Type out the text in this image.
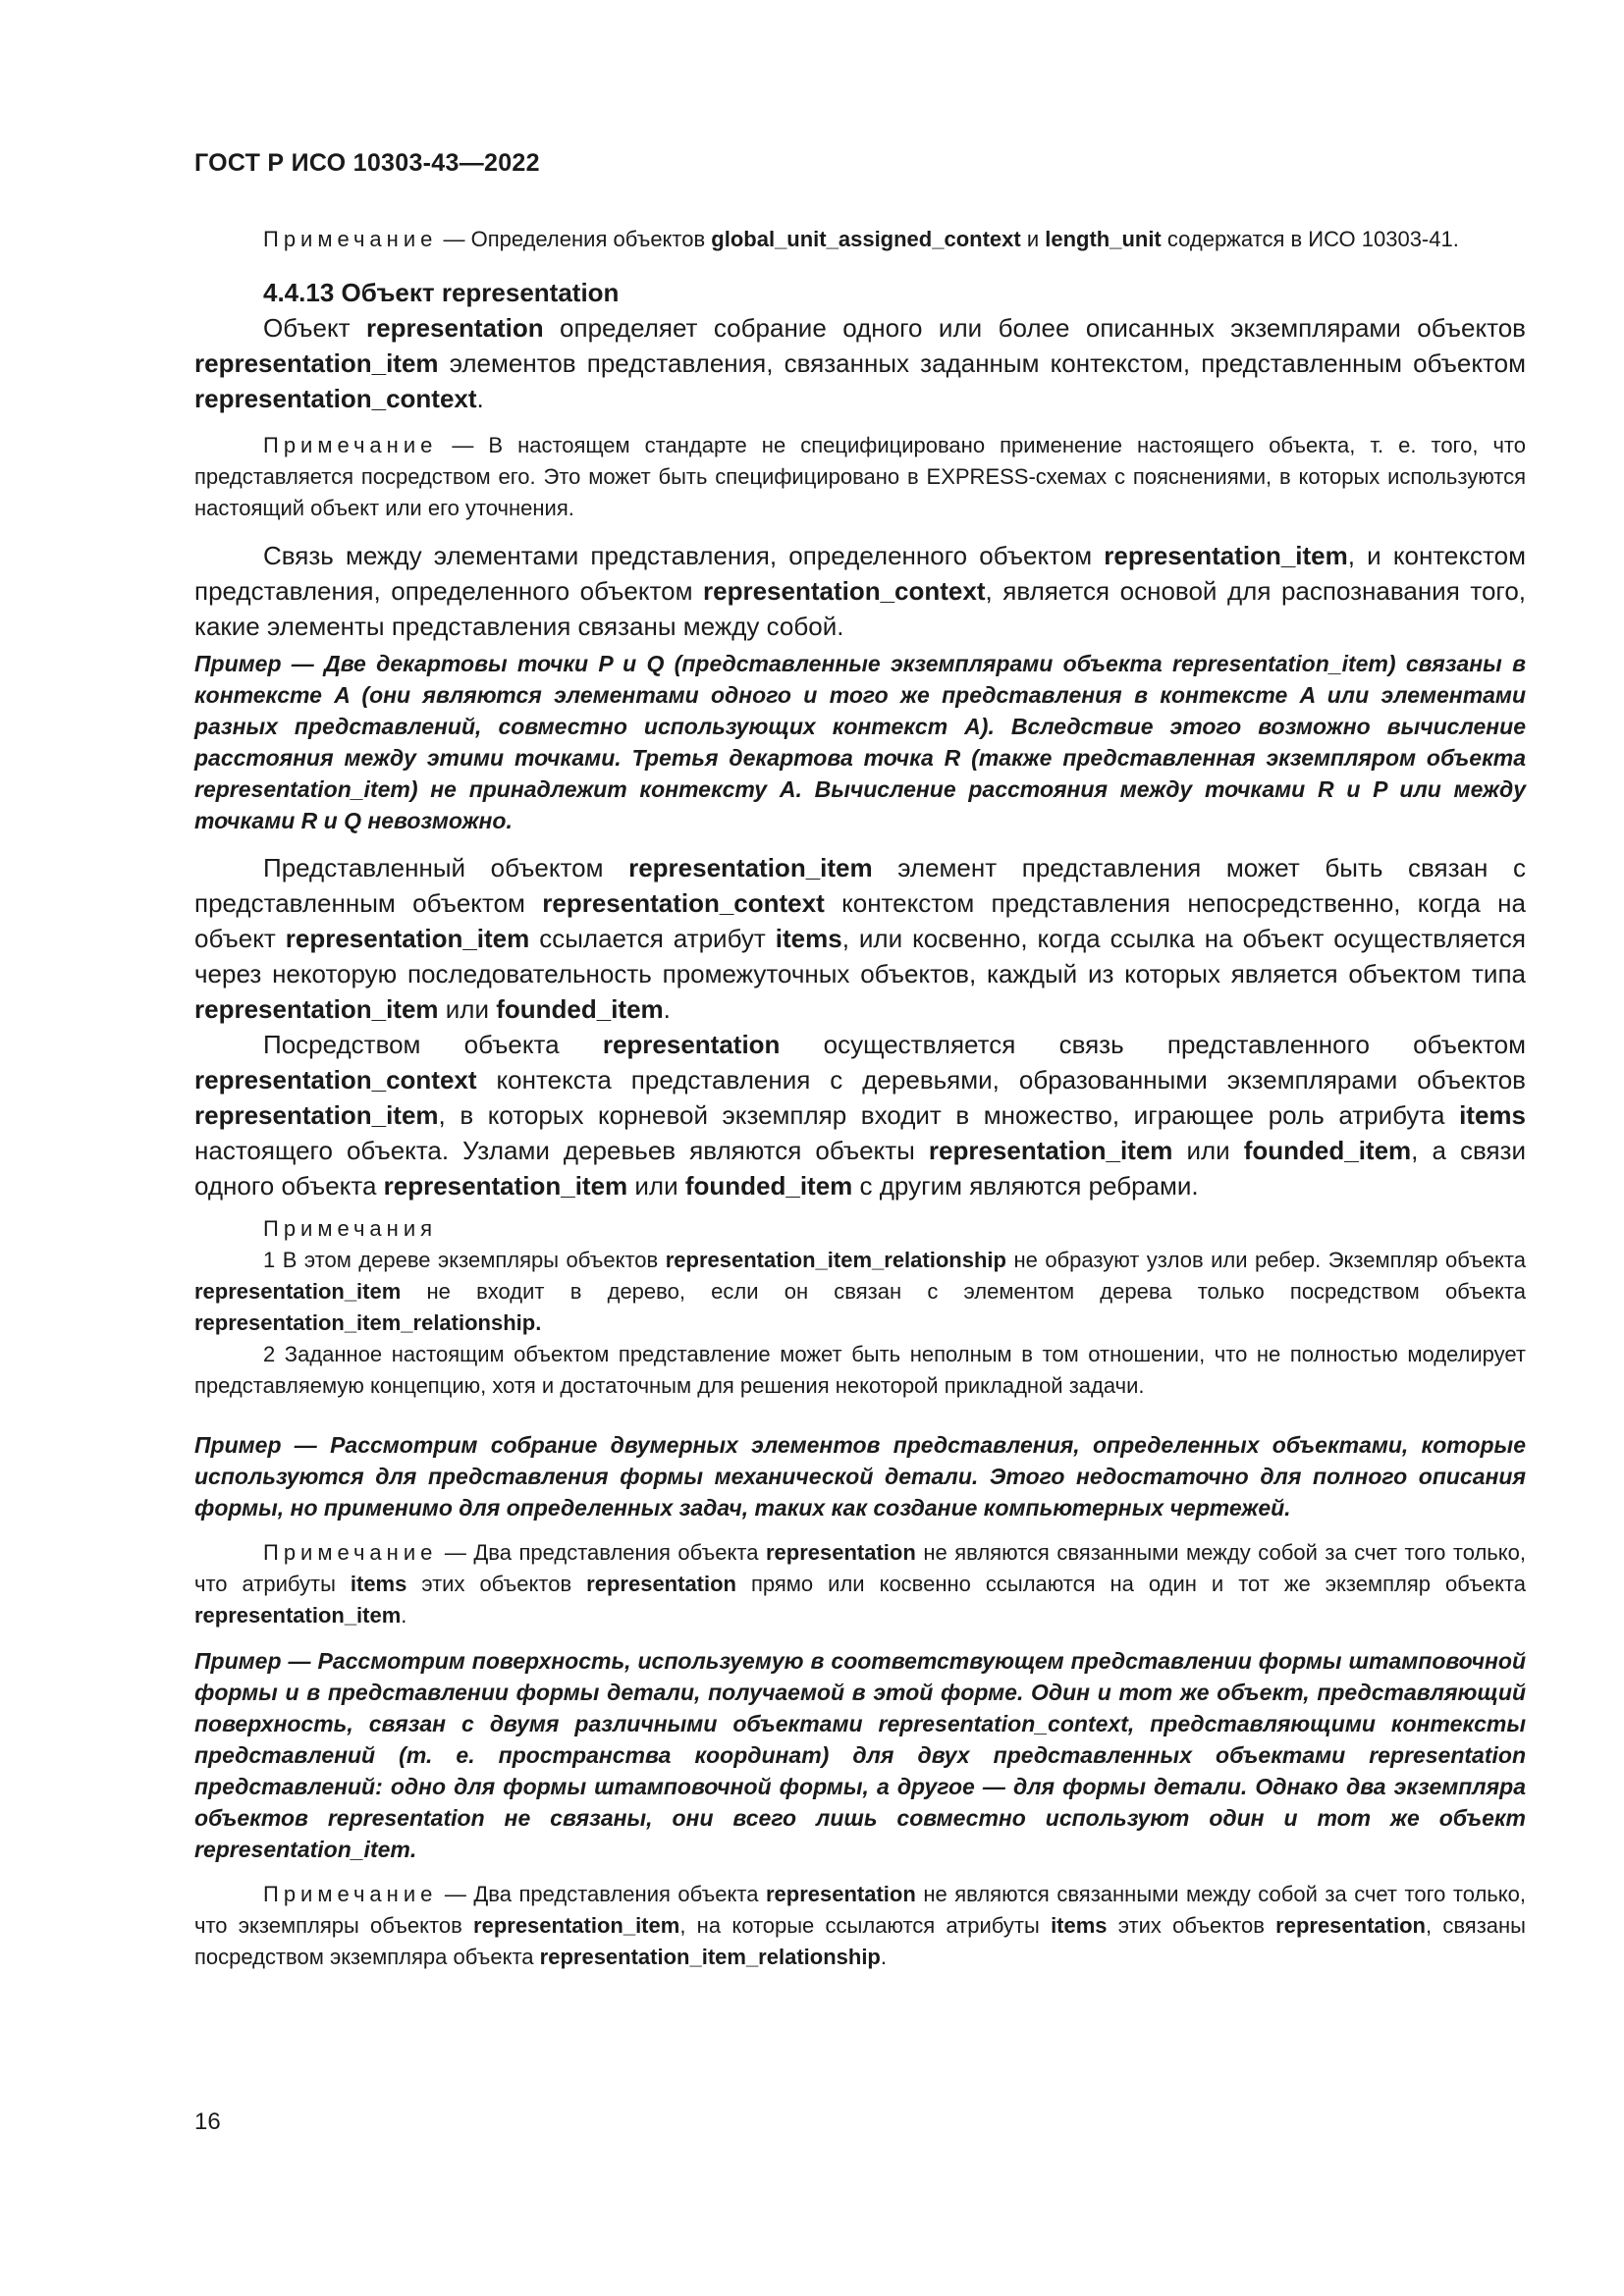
ГОСТ Р ИСО 10303-43—2022

Примечание — Определения объектов global_unit_assigned_context и length_unit содержатся в ИСО 10303-41.

4.4.13 Объект representation

Объект representation определяет собрание одного или более описанных экземплярами объектов representation_item элементов представления, связанных заданным контекстом, представленным объектом representation_context.

Примечание — В настоящем стандарте не специфицировано применение настоящего объекта, т. е. того, что представляется посредством его. Это может быть специфицировано в EXPRESS-схемах с пояснениями, в которых используются настоящий объект или его уточнения.

Связь между элементами представления, определенного объектом representation_item, и контекстом представления, определенного объектом representation_context, является основой для распознавания того, какие элементы представления связаны между собой.

Пример — Две декартовы точки P и Q (представленные экземплярами объекта representation_item) связаны в контексте A (они являются элементами одного и того же представления в контексте A или элементами разных представлений, совместно использующих контекст A). Вследствие этого возможно вычисление расстояния между этими точками. Третья декартова точка R (также представленная экземпляром объекта representation_item) не принадлежит контексту A. Вычисление расстояния между точками R и P или между точками R и Q невозможно.

Представленный объектом representation_item элемент представления может быть связан с представленным объектом representation_context контекстом представления непосредственно, когда на объект representation_item ссылается атрибут items, или косвенно, когда ссылка на объект осуществляется через некоторую последовательность промежуточных объектов, каждый из которых является объектом типа representation_item или founded_item.

Посредством объекта representation осуществляется связь представленного объектом representation_context контекста представления с деревьями, образованными экземплярами объектов representation_item, в которых корневой экземпляр входит в множество, играющее роль атрибута items настоящего объекта. Узлами деревьев являются объекты representation_item или founded_item, а связи одного объекта representation_item или founded_item с другим являются ребрами.

Примечания

1 В этом дереве экземпляры объектов representation_item_relationship не образуют узлов или ребер. Экземпляр объекта representation_item не входит в дерево, если он связан с элементом дерева только посредством объекта representation_item_relationship.

2 Заданное настоящим объектом представление может быть неполным в том отношении, что не полностью моделирует представляемую концепцию, хотя и достаточным для решения некоторой прикладной задачи.

Пример — Рассмотрим собрание двумерных элементов представления, определенных объектами, которые используются для представления формы механической детали. Этого недостаточно для полного описания формы, но применимо для определенных задач, таких как создание компьютерных чертежей.

Примечание — Два представления объекта representation не являются связанными между собой за счет того только, что атрибуты items этих объектов representation прямо или косвенно ссылаются на один и тот же экземпляр объекта representation_item.

Пример — Рассмотрим поверхность, используемую в соответствующем представлении формы штамповочной формы и в представлении формы детали, получаемой в этой форме. Один и тот же объект, представляющий поверхность, связан с двумя различными объектами representation_context, представляющими контексты представлений (т. е. пространства координат) для двух представленных объектами representation представлений: одно для формы штамповочной формы, а другое — для формы детали. Однако два экземпляра объектов representation не связаны, они всего лишь совместно используют один и тот же объект representation_item.

Примечание — Два представления объекта representation не являются связанными между собой за счет того только, что экземпляры объектов representation_item, на которые ссылаются атрибуты items этих объектов representation, связаны посредством экземпляра объекта representation_item_relationship.

16
